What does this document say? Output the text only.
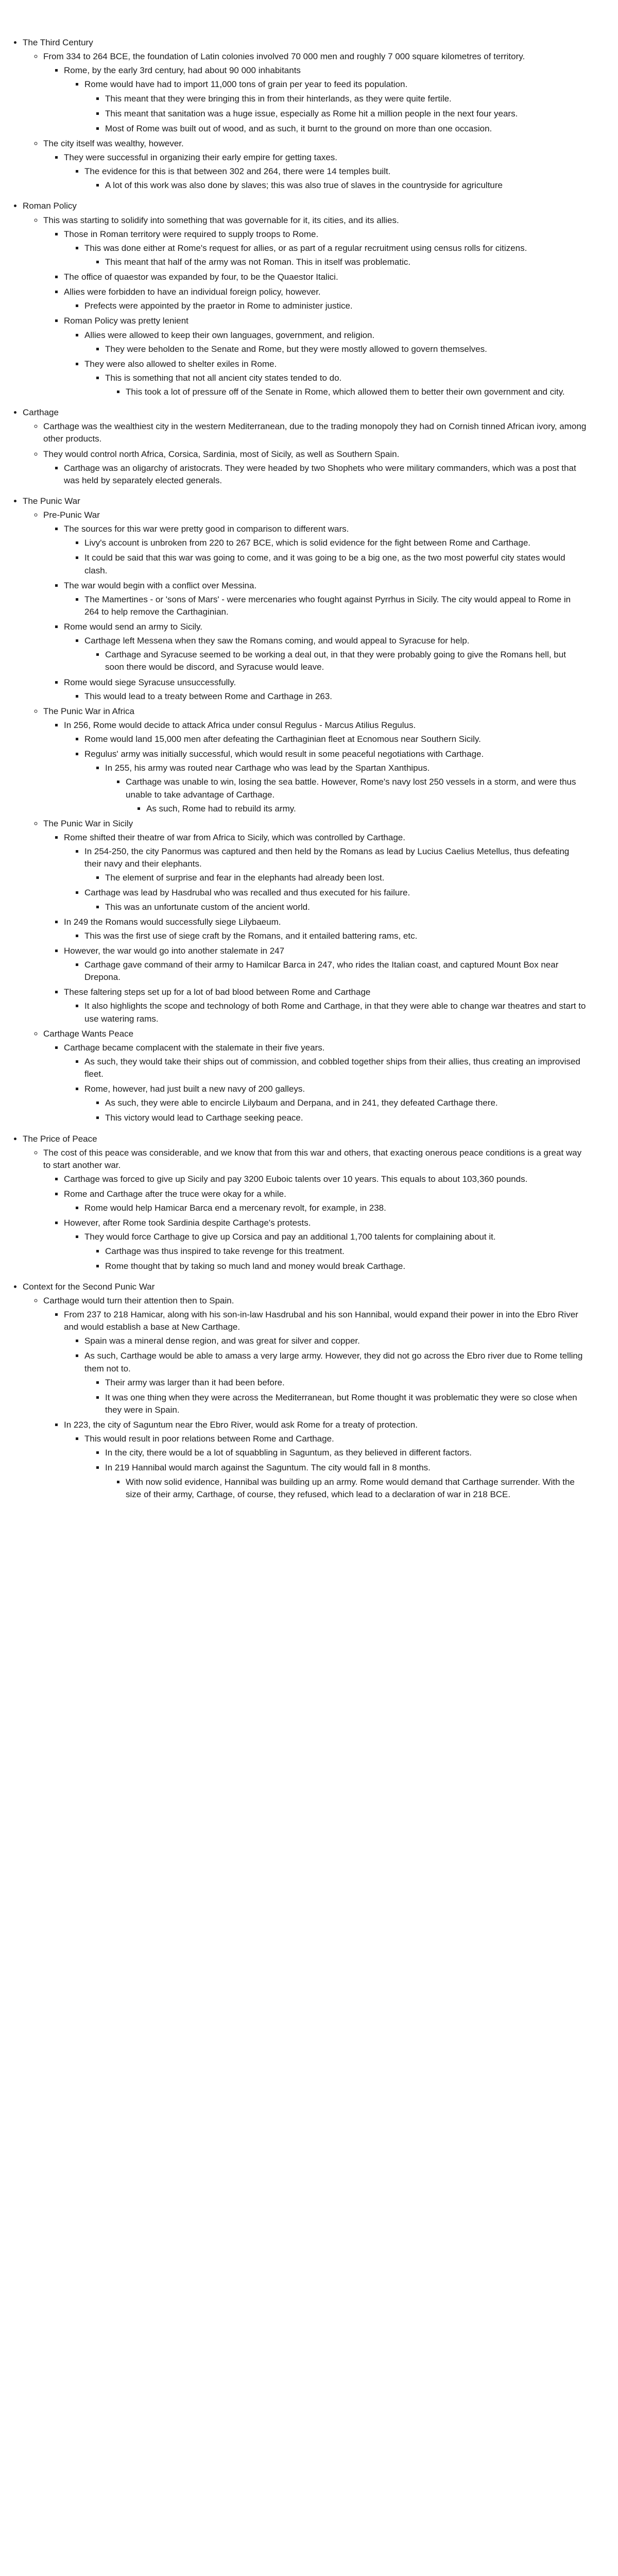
• The Third Century
◦ From 334 to 264 BCE, the foundation of Latin colonies involved 70 000 men and roughly 7 000 square kilometres of territory.
▪ Rome, by the early 3rd century, had about 90 000 inhabitants
▪ Rome would have had to import 11,000 tons of grain per year to feed its population.
▪ This meant that they were bringing this in from their hinterlands, as they were quite fertile.
▪ This meant that sanitation was a huge issue, especially as Rome hit a million people in the next four years.
▪ Most of Rome was built out of wood, and as such, it burnt to the ground on more than one occasion.
◦ The city itself was wealthy, however.
▪ They were successful in organizing their early empire for getting taxes.
▪ The evidence for this is that between 302 and 264, there were 14 temples built.
▪ A lot of this work was also done by slaves; this was also true of slaves in the countryside for agriculture
• Roman Policy
◦ This was starting to solidify into something that was governable for it, its cities, and its allies.
▪ Those in Roman territory were required to supply troops to Rome.
▪ This was done either at Rome's request for allies, or as part of a regular recruitment using census rolls for citizens.
▪ This meant that half of the army was not Roman. This in itself was problematic.
▪ The office of quaestor was expanded by four, to be the Quaestor Italici.
▪ Allies were forbidden to have an individual foreign policy, however.
▪ Prefects were appointed by the praetor in Rome to administer justice.
▪ Roman Policy was pretty lenient
▪ Allies were allowed to keep their own languages, government, and religion.
▪ They were beholden to the Senate and Rome, but they were mostly allowed to govern themselves.
▪ They were also allowed to shelter exiles in Rome.
▪ This is something that not all ancient city states tended to do.
▪ This took a lot of pressure off of the Senate in Rome, which allowed them to better their own government and city.
• Carthage
◦ Carthage was the wealthiest city in the western Mediterranean, due to the trading monopoly they had on Cornish tinned African ivory, among other products.
◦ They would control north Africa, Corsica, Sardinia, most of Sicily, as well as Southern Spain.
▪ Carthage was an oligarchy of aristocrats. They were headed by two Shophets who were military commanders, which was a post that was held by separately elected generals.
• The Punic War
◦ Pre-Punic War
▪ The sources for this war were pretty good in comparison to different wars.
▪ Livy's account is unbroken from 220 to 267 BCE, which is solid evidence for the fight between Rome and Carthage.
▪ It could be said that this war was going to come, and it was going to be a big one, as the two most powerful city states would clash.
▪ The war would begin with a conflict over Messina.
▪ The Mamertines - or 'sons of Mars' - were mercenaries who fought against Pyrrhus in Sicily. The city would appeal to Rome in 264 to help remove the Carthaginian.
▪ Rome would send an army to Sicily.
▪ Carthage left Messena when they saw the Romans coming, and would appeal to Syracuse for help.
▪ Carthage and Syracuse seemed to be working a deal out, in that they were probably going to give the Romans hell, but soon there would be discord, and Syracuse would leave.
▪ Rome would siege Syracuse unsuccessfully.
▪ This would lead to a treaty between Rome and Carthage in 263.
◦ The Punic War in Africa
▪ In 256, Rome would decide to attack Africa under consul Regulus - Marcus Atilius Regulus.
▪ Rome would land 15,000 men after defeating the Carthaginian fleet at Ecnomous near Southern Sicily.
▪ Regulus' army was initially successful, which would result in some peaceful negotiations with Carthage.
▪ In 255, his army was routed near Carthage who was lead by the Spartan Xanthipus.
▪ Carthage was unable to win, losing the sea battle. However, Rome's navy lost 250 vessels in a storm, and were thus unable to take advantage of Carthage.
▪ As such, Rome had to rebuild its army.
◦ The Punic War in Sicily
▪ Rome shifted their theatre of war from Africa to Sicily, which was controlled by Carthage.
▪ In 254-250, the city Panormus was captured and then held by the Romans as lead by Lucius Caelius Metellus, thus defeating their navy and their elephants.
▪ The element of surprise and fear in the elephants had already been lost.
▪ Carthage was lead by Hasdrubal who was recalled and thus executed for his failure.
▪ This was an unfortunate custom of the ancient world.
▪ In 249 the Romans would successfully siege Lilybaeum.
▪ This was the first use of siege craft by the Romans, and it entailed battering rams, etc.
▪ However, the war would go into another stalemate in 247
▪ Carthage gave command of their army to Hamilcar Barca in 247, who rides the Italian coast, and captured Mount Box near Drepona.
▪ These faltering steps set up for a lot of bad blood between Rome and Carthage
▪ It also highlights the scope and technology of both Rome and Carthage, in that they were able to change war theatres and start to use watering rams.
◦ Carthage Wants Peace
▪ Carthage became complacent with the stalemate in their five years.
▪ As such, they would take their ships out of commission, and cobbled together ships from their allies, thus creating an improvised fleet.
▪ Rome, however, had just built a new navy of 200 galleys.
▪ As such, they were able to encircle Lilybaum and Derpana, and in 241, they defeated Carthage there.
▪ This victory would lead to Carthage seeking peace.
• The Price of Peace
◦ The cost of this peace was considerable, and we know that from this war and others, that exacting onerous peace conditions is a great way to start another war.
▪ Carthage was forced to give up Sicily and pay 3200 Euboic talents over 10 years. This equals to about 103,360 pounds.
▪ Rome and Carthage after the truce were okay for a while.
▪ Rome would help Hamicar Barca end a mercenary revolt, for example, in 238.
▪ However, after Rome took Sardinia despite Carthage's protests.
▪ They would force Carthage to give up Corsica and pay an additional 1,700 talents for complaining about it.
▪ Carthage was thus inspired to take revenge for this treatment.
▪ Rome thought that by taking so much land and money would break Carthage.
• Context for the Second Punic War
◦ Carthage would turn their attention then to Spain.
▪ From 237 to 218 Hamicar, along with his son-in-law Hasdrubal and his son Hannibal, would expand their power in into the Ebro River and would establish a base at New Carthage.
▪ Spain was a mineral dense region, and was great for silver and copper.
▪ As such, Carthage would be able to amass a very large army. However, they did not go across the Ebro river due to Rome telling them not to.
▪ Their army was larger than it had been before.
▪ It was one thing when they were across the Mediterranean, but Rome thought it was problematic they were so close when they were in Spain.
▪ In 223, the city of Saguntum near the Ebro River, would ask Rome for a treaty of protection.
▪ This would result in poor relations between Rome and Carthage.
▪ In the city, there would be a lot of squabbling in Saguntum, as they believed in different factors.
▪ In 219 Hannibal would march against the Saguntum. The city would fall in 8 months.
▪ With now solid evidence, Hannibal was building up an army. Rome would demand that Carthage surrender. With the size of their army, Carthage, of course, they refused, which lead to a declaration of war in 218 BCE.
